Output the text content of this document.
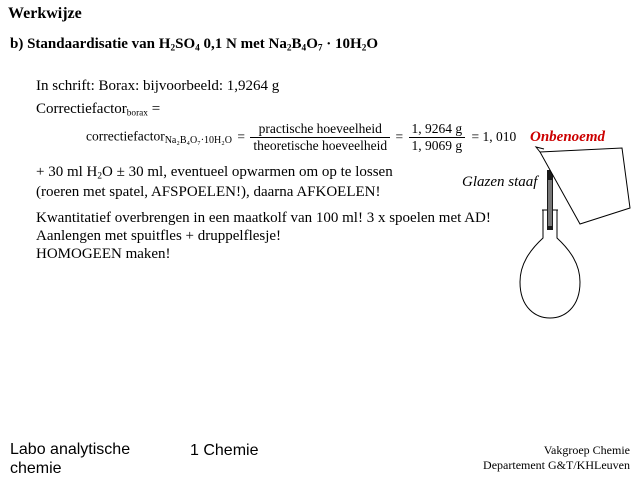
Werkwijze
b) Standaardisatie van $H_2SO_4$ 0,1 N met $Na_2B_4O_7 \cdot 10H_2O$
In schrift: Borax: bijvoorbeeld: 1,9264 g
Correctiefactor$_{borax}$ =
correctiefactor$_{Na_2B_4O_7\cdot 10H_2O}$ = $\frac{\text{practische hoeveelheid}}{\text{theoretische hoeveelheid}} = \frac{1, 9264 g}{1, 9069 g} = 1$, 010 Onbenoemd
+ 30 ml $H_2O \pm 30$ ml, eventueel opwarmen om op te lossen
(roeren met spatel, AFSPOELEN!), daarna AFKOELEN!
Kwantitatief overbrengen in een maatkolf van 100 ml! 3 x spoelen met AD!
Aanlengen met spuitfles + druppelflesje!
HOMOGEEN maken!
Glazen staaf
Labo analytische
chemie
1 Chemie	Vakgroep Chemie
Departement G&T/KHLeuven
